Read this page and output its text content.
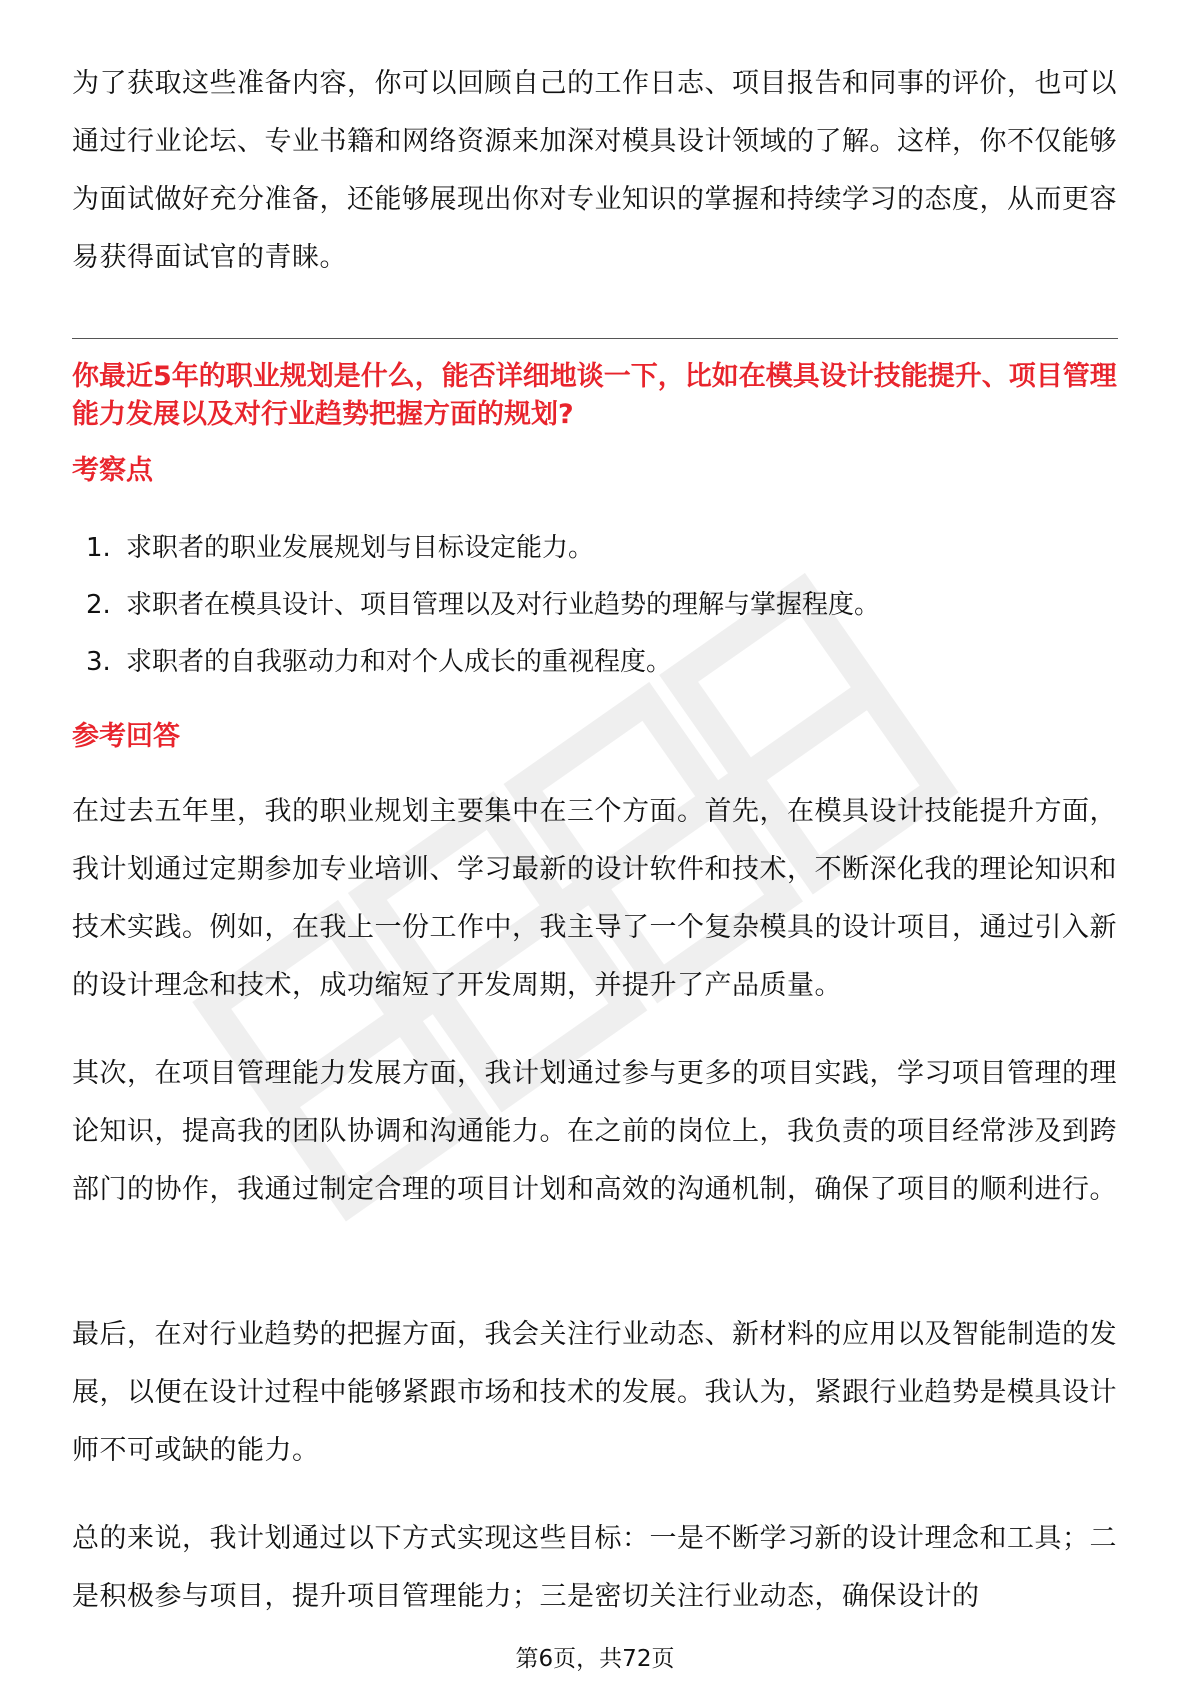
为了获取这些准备内容，你可以回顾自己的工作日志、项目报告和同事的评价，也可以通过行业论坛、专业书籍和网络资源来加深对模具设计领域的了解。这样，你不仅能够为面试做好充分准备，还能够展现出你对专业知识的掌握和持续学习的态度，从而更容易获得面试官的青睐。

你最近5年的职业规划是什么，能否详细地谈一下，比如在模具设计技能提升、项目管理能力发展以及对行业趋势把握方面的规划?

考察点

1. 求职者的职业发展规划与目标设定能力。
2. 求职者在模具设计、项目管理以及对行业趋势的理解与掌握程度。
3. 求职者的自我驱动力和对个人成长的重视程度。

参考回答

在过去五年里，我的职业规划主要集中在三个方面。首先，在模具设计技能提升方面，我计划通过定期参加专业培训、学习最新的设计软件和技术，不断深化我的理论知识和技术实践。例如，在我上一份工作中，我主导了一个复杂模具的设计项目，通过引入新的设计理念和技术，成功缩短了开发周期，并提升了产品质量。

其次，在项目管理能力发展方面，我计划通过参与更多的项目实践，学习项目管理的理论知识，提高我的团队协调和沟通能力。在之前的岗位上，我负责的项目经常涉及到跨部门的协作，我通过制定合理的项目计划和高效的沟通机制，确保了项目的顺利进行。

最后，在对行业趋势的把握方面，我会关注行业动态、新材料的应用以及智能制造的发展，以便在设计过程中能够紧跟市场和技术的发展。我认为，紧跟行业趋势是模具设计师不可或缺的能力。

总的来说，我计划通过以下方式实现这些目标：一是不断学习新的设计理念和工具；二是积极参与项目，提升项目管理能力；三是密切关注行业动态，确保设计的

第6页，共72页
